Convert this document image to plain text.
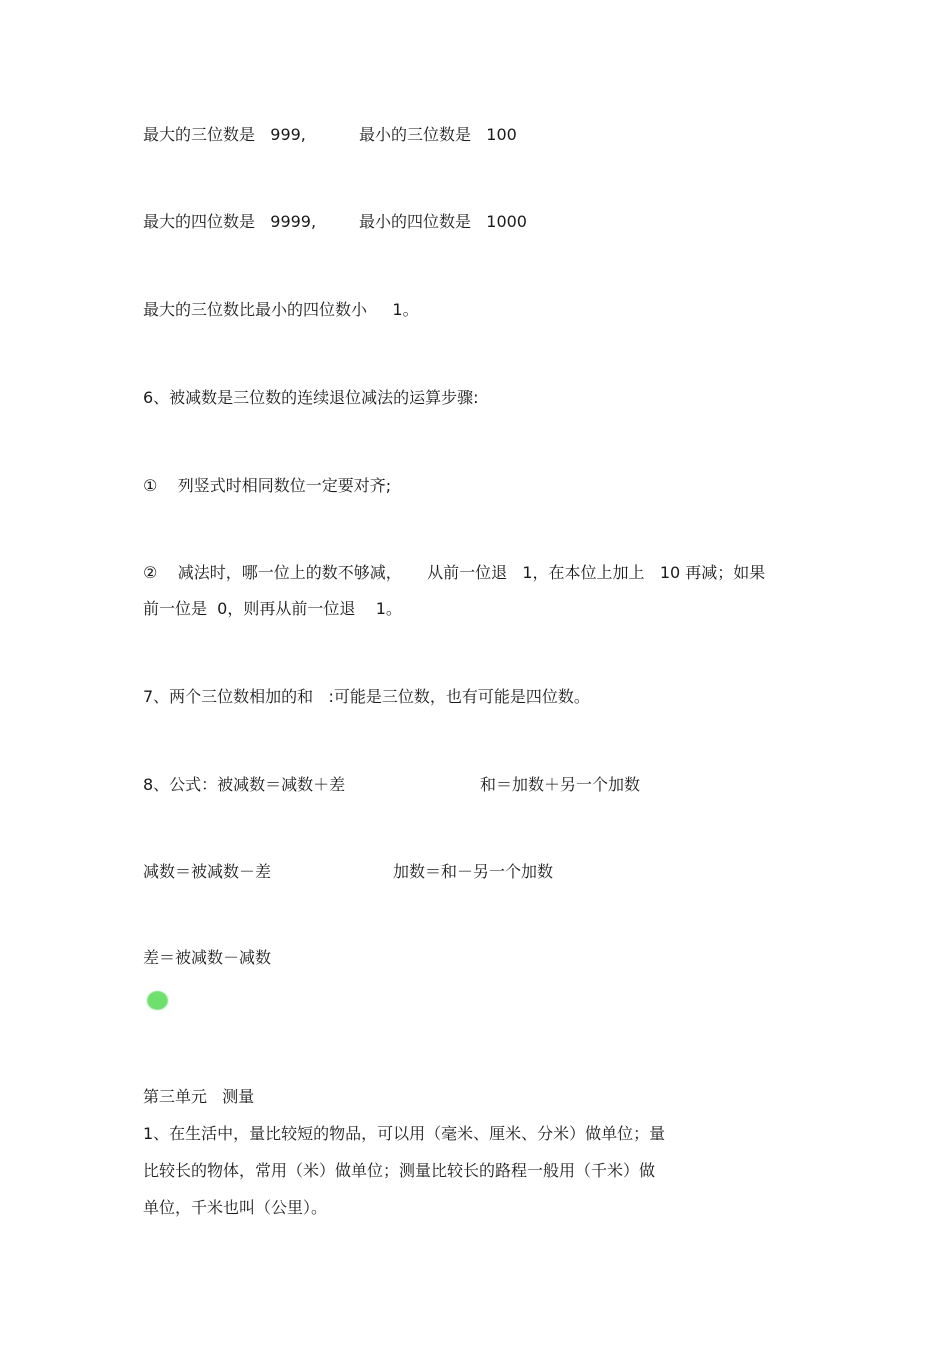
最大的三位数是   999,	最小的三位数是   100
最大的四位数是   9999,	最小的四位数是   1000
最大的三位数比最小的四位数小     1。
6、被减数是三位数的连续退位减法的运算步骤:
①    列竖式时相同数位一定要对齐;
②    减法时，哪一位上的数不够减，     从前一位退   1，在本位上加上   10 再减；如果
前一位是  0，则再从前一位退    1。
7、两个三位数相加的和   :可能是三位数，也有可能是四位数。
8、公式：被减数＝减数＋差	和＝加数＋另一个加数
减数＝被减数－差	加数＝和－另一个加数
差＝被减数－减数
第三单元   测量
1、在生活中，量比较短的物品，可以用（毫米、厘米、分米）做单位；量
比较长的物体，常用（米）做单位；测量比较长的路程一般用（千米）做
单位，千米也叫（公里）。
